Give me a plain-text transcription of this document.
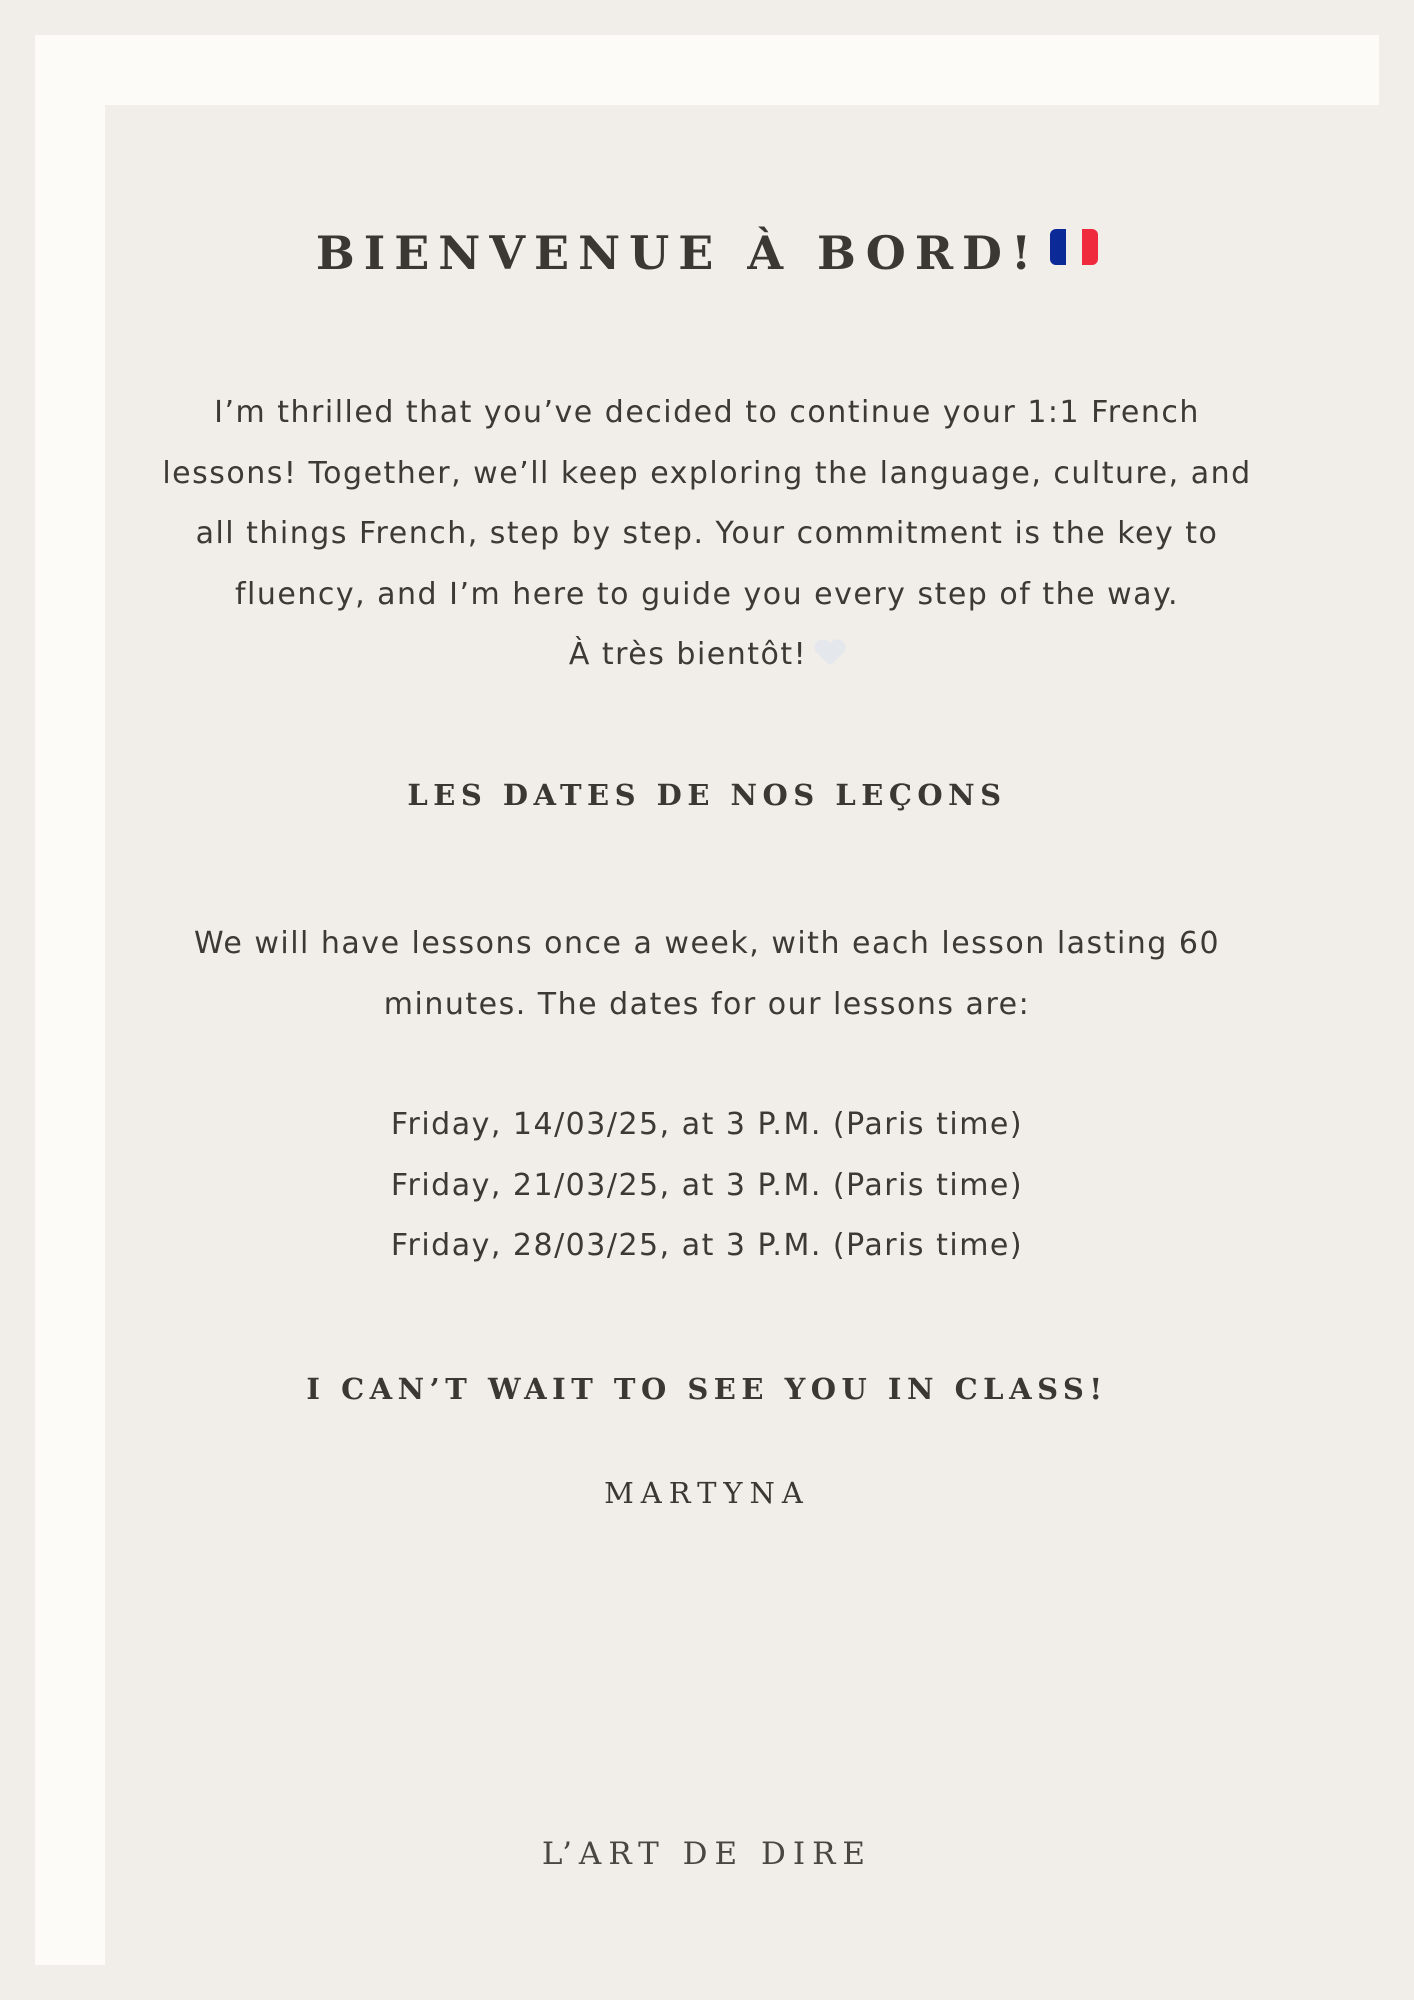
BIENVENUE À BORD!

I’m thrilled that you’ve decided to continue your 1:1 French

lessons! Together, we’ll keep exploring the language, culture, and

all things French, step by step. Your commitment is the key to

fluency, and I’m here to guide you every step of the way.

À très bientôt!

LES DATES DE NOS LEÇONS

We will have lessons once a week, with each lesson lasting 60

minutes. The dates for our lessons are:

Friday, 14/03/25, at 3 P.M. (Paris time)
Friday, 21/03/25, at 3 P.M. (Paris time)
Friday, 28/03/25, at 3 P.M. (Paris time)
I CAN’T WAIT TO SEE YOU IN CLASS!
MARTYNA
L’ART DE DIRE
